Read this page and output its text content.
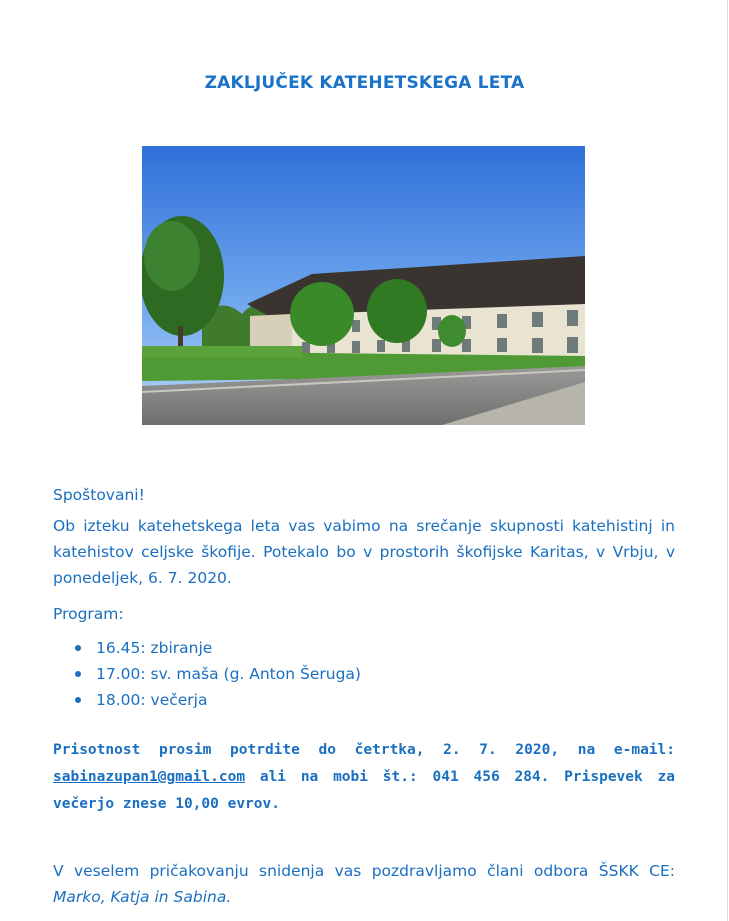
ZAKLJUČEK KATEHETSKEGA LETA
Spoštovani!
Ob izteku katehetskega leta vas vabimo na srečanje skupnosti katehistinj in katehistov celjske škofije. Potekalo bo v prostorih škofijske Karitas, v Vrbju, v ponedeljek, 6. 7. 2020.
Program:
16.45: zbiranje
17.00: sv. maša (g. Anton Šeruga)
18.00: večerja
Prisotnost prosim potrdite do četrtka, 2. 7. 2020, na e-mail: sabinazupan1@gmail.com ali na mobi št.: 041 456 284. Prispevek za večerjo znese 10,00 evrov.
V veselem pričakovanju snidenja vas pozdravljamo člani odbora ŠSKK CE: Marko, Katja in Sabina.
